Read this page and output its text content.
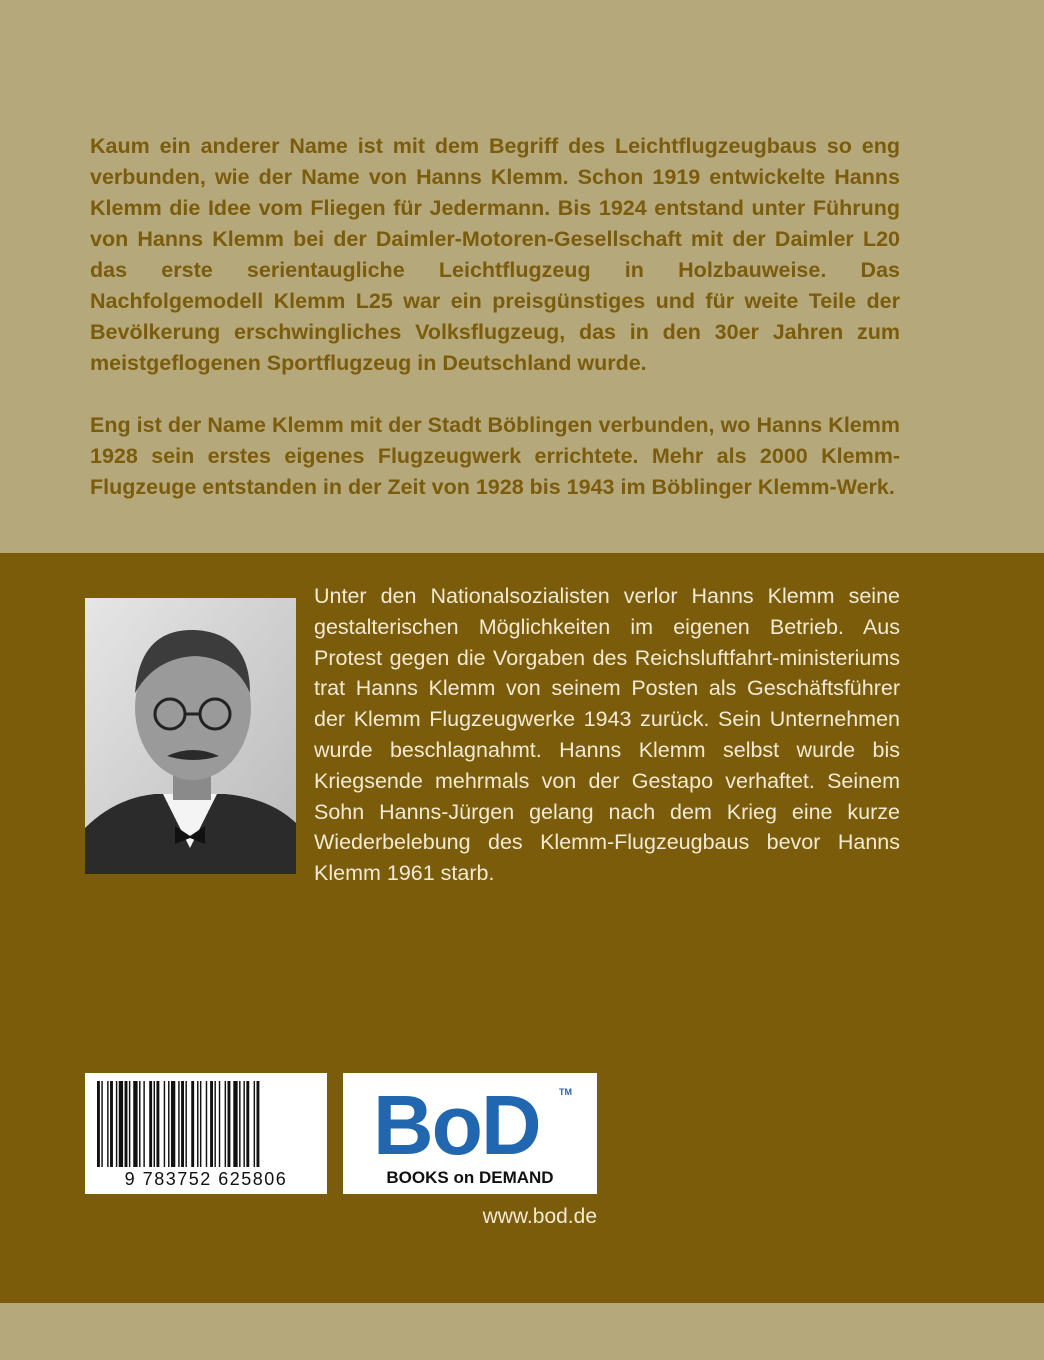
Kaum ein anderer Name ist mit dem Begriff des Leichtflugzeugbaus so eng verbunden, wie der Name von Hanns Klemm. Schon 1919 entwickelte Hanns Klemm die Idee vom Fliegen für Jedermann. Bis 1924 entstand unter Führung von Hanns Klemm bei der Daimler-Motoren-Gesellschaft mit der Daimler L20 das erste serientaugliche Leichtflugzeug in Holzbauweise. Das Nachfolgemodell Klemm L25 war ein preisgünstiges und für weite Teile der Bevölkerung erschwingliches Volksflugzeug, das in den 30er Jahren zum meistgeflogenen Sportflugzeug in Deutschland wurde.

Eng ist der Name Klemm mit der Stadt Böblingen verbunden, wo Hanns Klemm 1928 sein erstes eigenes Flugzeugwerk errichtete. Mehr als 2000 Klemm-Flugzeuge entstanden in der Zeit von 1928 bis 1943 im Böblinger Klemm-Werk.

Unter den Nationalsozialisten verlor Hanns Klemm seine gestalterischen Möglichkeiten im eigenen Betrieb. Aus Protest gegen die Vorgaben des Reichsluftfahrt-ministeriums trat Hanns Klemm von seinem Posten als Geschäftsführer der Klemm Flugzeugwerke 1943 zurück. Sein Unternehmen wurde beschlagnahmt. Hanns Klemm selbst wurde bis Kriegsende mehrmals von der Gestapo verhaftet. Seinem Sohn Hanns-Jürgen gelang nach dem Krieg eine kurze Wiederbelebung des Klemm-Flugzeugbaus bevor Hanns Klemm 1961 starb.

9 783752 625806

BoD TM

BOOKS on DEMAND

www.bod.de
